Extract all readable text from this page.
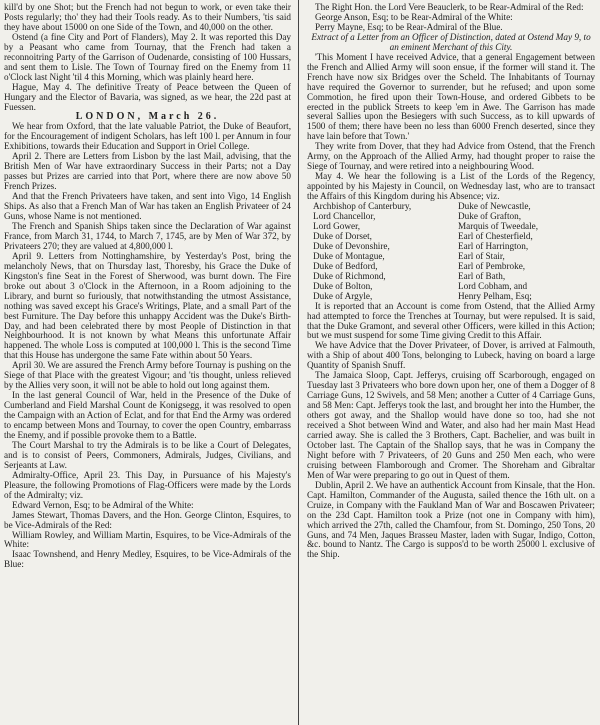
kill'd by one Shot; but the French had not begun to work, or even take their Posts regularly; tho' they had their Tools ready. As to their Numbers, 'tis said they have about 15000 on one Side of the Town, and 40,000 on the other.

Ostend (a fine City and Port of Flanders), May 2. It was reported this Day by a Peasant who came from Tournay, that the French had taken a reconnoitring Party of the Garrison of Oudenarde, consisting of 100 Hussars, and sent them to Lisle. The Town of Tournay fired on the Enemy from 11 o'Clock last Night 'til 4 this Morning, which was plainly heard here.

Hague, May 4. The definitive Treaty of Peace between the Queen of Hungary and the Elector of Bavaria, was signed, as we hear, the 22d past at Fuessen.

LONDON, March 26.

We hear from Oxford, that the late valuable Patriot, the Duke of Beaufort, for the Encouragement of indigent Scholars, has left 100 l. per Annum in four Exhibitions, towards their Education and Support in Oriel College.

April 2. There are Letters from Lisbon by the last Mail, advising, that the British Men of War have extraordinary Success in their Parts; not a Day passes but Prizes are carried into that Port, where there are now above 50 French Prizes.

And that the French Privateers have taken, and sent into Vigo, 14 English Ships. As also that a French Man of War has taken an English Privateer of 24 Guns, whose Name is not mentioned.

The French and Spanish Ships taken since the Declaration of War against France, from March 31, 1744, to March 7, 1745, are by Men of War 372, by Privateers 270; they are valued at 4,800,000 l.

April 9. Letters from Nottinghamshire, by Yesterday's Post, bring the melancholy News, that on Thursday last, Thoresby, his Grace the Duke of Kingston's fine Seat in the Forest of Sherwood, was burnt down. The Fire broke out about 3 o'Clock in the Afternoon, in a Room adjoining to the Library, and burnt so furiously, that notwithstanding the utmost Assistance, nothing was saved except his Grace's Writings, Plate, and a small Part of the best Furniture. The Day before this unhappy Accident was the Duke's Birth-Day, and had been celebrated there by most People of Distinction in that Neighbourhood. It is not known by what Means this unfortunate Affair happened. The whole Loss is computed at 100,000 l. This is the second Time that this House has undergone the same Fate within about 50 Years.

April 30. We are assured the French Army before Tournay is pushing on the Siege of that Place with the greatest Vigour; and 'tis thought, unless relieved by the Allies very soon, it will not be able to hold out long against them.

In the last general Council of War, held in the Presence of the Duke of Cumberland and Field Marshal Count de Konigsegg, it was resolved to open the Campaign with an Action of Eclat, and for that End the Army was ordered to encamp between Mons and Tournay, to cover the open Country, embarrass the Enemy, and if possible provoke them to a Battle.

The Court Marshal to try the Admirals is to be like a Court of Delegates, and is to consist of Peers, Commoners, Admirals, Judges, Civilians, and Serjeants at Law.

Admiralty-Office, April 23. This Day, in Pursuance of his Majesty's Pleasure, the following Promotions of Flag-Officers were made by the Lords of the Admiralty; viz.

Edward Vernon, Esq; to be Admiral of the White:

James Stewart, Thomas Davers, and the Hon. George Clinton, Esquires, to be Vice-Admirals of the Red:

William Rowley, and William Martin, Esquires, to be Vice-Admirals of the White:

Isaac Townshend, and Henry Medley, Esquires, to be Vice-Admirals of the Blue:

The Right Hon. the Lord Vere Beauclerk, to be Rear-Admiral of the Red:

George Anson, Esq; to be Rear-Admiral of the White:

Perry Mayne, Esq; to be Rear-Admiral of the Blue.

Extract of a Letter from an Officer of Distinction, dated at Ostend May 9, to an eminent Merchant of this City.

'This Moment I have received Advice, that a general Engagement between the French and Allied Army will soon ensue, if the former will stand it. The French have now six Bridges over the Scheld. The Inhabitants of Tournay have required the Governor to surrender, but he refused; and upon some Commotion, he fired upon their Town-House, and ordered Gibbets to be erected in the publick Streets to keep 'em in Awe. The Garrison has made several Sallies upon the Besiegers with such Success, as to kill upwards of 1500 of them; there have been no less than 6000 French deserted, since they have lain before that Town.'

They write from Dover, that they had Advice from Ostend, that the French Army, on the Approach of the Allied Army, had thought proper to raise the Siege of Tournay, and were retired into a neighbouring Wood.

May 4. We hear the following is a List of the Lords of the Regency, appointed by his Majesty in Council, on Wednesday last, who are to transact the Affairs of this Kingdom during his Absence; viz.

Archbishop of Canterbury,	Duke of Newcastle,
Lord Chancellor,	Duke of Grafton,
Lord Gower,	Marquis of Tweedale,
Duke of Dorset,	Earl of Chesterfield,
Duke of Devonshire,	Earl of Harrington,
Duke of Montague,	Earl of Stair,
Duke of Bedford,	Earl of Pembroke,
Duke of Richmond,	Earl of Bath,
Duke of Bolton,	Lord Cobham, and
Duke of Argyle,	Henry Pelham, Esq;

It is reported that an Account is come from Ostend, that the Allied Army had attempted to force the Trenches at Tournay, but were repulsed. It is said, that the Duke Gramont, and several other Officers, were killed in this Action; but we must suspend for some Time giving Credit to this Affair.

We have Advice that the Dover Privateer, of Dover, is arrived at Falmouth, with a Ship of about 400 Tons, belonging to Lubeck, having on board a large Quantity of Spanish Snuff.

The Jamaica Sloop, Capt. Jefferys, cruising off Scarborough, engaged on Tuesday last 3 Privateers who bore down upon her, one of them a Dogger of 8 Carriage Guns, 12 Swivels, and 58 Men; another a Cutter of 4 Carriage Guns, and 58 Men: Capt. Jefferys took the last, and brought her into the Humber, the others got away, and the Shallop would have done so too, had she not received a Shot between Wind and Water, and also had her main Mast Head carried away. She is called the 3 Brothers, Capt. Bachelier, and was built in October last. The Captain of the Shallop says, that he was in Company the Night before with 7 Privateers, of 20 Guns and 250 Men each, who were cruising between Flamborough and Cromer. The Shoreham and Gibraltar Men of War were preparing to go out in Quest of them.

Dublin, April 2. We have an authentick Account from Kinsale, that the Hon. Capt. Hamilton, Commander of the Augusta, sailed thence the 16th ult. on a Cruize, in Company with the Faukland Man of War and Boscawen Privateer; on the 23d Capt. Hamilton took a Prize (not one in Company with him), which arrived the 27th, called the Chamfour, from St. Domingo, 250 Tons, 20 Guns, and 74 Men, Jaques Brasseu Master, laden with Sugar, Indigo, Cotton, &c. bound to Nantz. The Cargo is suppos'd to be worth 25000 l. exclusive of the Ship.
